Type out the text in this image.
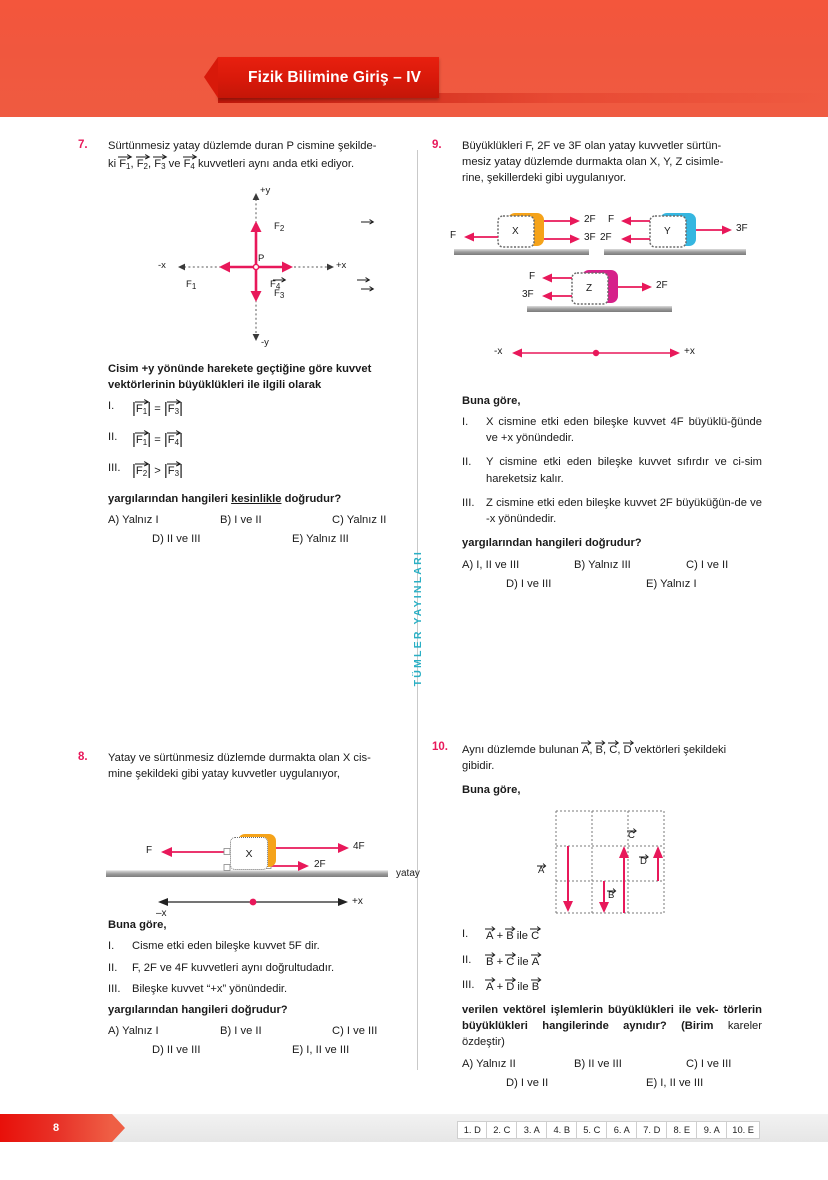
Fizik Bilimine Giriş – IV
TÜMLER YAYINLARI
7.	Sürtünmesiz yatay düzlemde duran P cismine şekilde-
ki
F1,
F2,
F3 ve
F4 kuvvetleri aynı anda etki ediyor.
+y
-y
+x
-x
P
$F_2$
$F_3$
$F_1$	$F_4$
Cisim +y yönünde harekete geçtiğine göre kuvvet vektörlerinin büyüklükleri ile ilgili olarak
I.	|
F1| = |
F3|
II. |
F1| = |
F4|
III. |
F2| > |
F3|
yargılarından hangileri kesinlikle doğrudur?
A) Yalnız I	B) I ve II	C) Yalnız II
D) II ve III	E) Yalnız III
8.	Yatay ve sürtünmesiz düzlemde durmakta olan X cis-
mine şekildeki gibi yatay kuvvetler uygulanıyor,
yatay
X
F	4F
2F
–x
+x
Buna göre,
I.	Cisme etki eden bileşke kuvvet 5F dir.
II.	F, 2F ve 4F kuvvetleri aynı doğrultudadır.
III.	Bileşke kuvvet “+x” yönündedir.
yargılarından hangileri doğrudur?
A) Yalnız I	B) I ve II	C) I ve III
D) II ve III	E) I, II ve III
9.	Büyüklükleri F, 2F ve 3F olan yatay kuvvetler sürtün-
mesiz yatay düzlemde durmakta olan X, Y, Z cisimle-
rine, şekillerdeki gibi uygulanıyor.
X	Y
Z
F
2F
3F
F
2F
3F
F
3F
2F
-x	+x
Buna göre,
I.	X cismine etki eden bileşke kuvvet 4F büyüklü-ğünde ve +x yönündedir.
II.	Y cismine etki eden bileşke kuvvet sıfırdır ve ci-sim hareketsiz kalır.
III.	Z cismine etki eden bileşke kuvvet 2F büyüküğün-de ve -x yönündedir.
yargılarından hangileri doğrudur?
A) I, II ve III	B) Yalnız III	C) I ve II
D) I ve III	E) Yalnız I
10.	Aynı düzlemde bulunan
A,
B,
C,
D vektörleri şekildeki
gibidir.
Buna göre,
A
B
C
D
I.	A +
B ile C
II.	B +
C ile A
III.	A +
D ile B
verilen vektörel işlemlerin büyüklükleri ile vek- törlerin büyüklükleri hangilerinde aynıdır? (Birim kareler özdeştir)
A) Yalnız II	B) II ve III	C) I ve III
D) I ve II	E) I, II ve III
8	1. D	2. C	3. A	4. B	5. C	6. A	7. D	8. E	9. A	10. E
